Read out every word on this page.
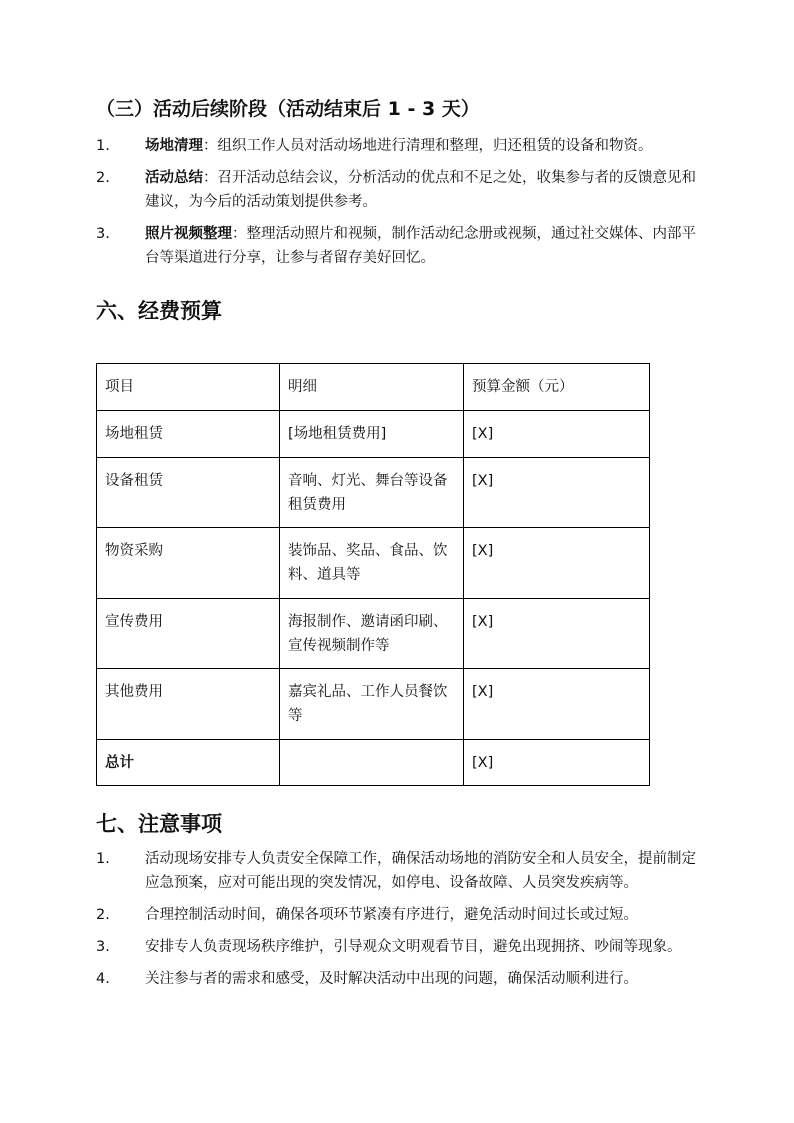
（三）活动后续阶段（活动结束后 1 - 3 天）
1.	场地清理：组织工作人员对活动场地进行清理和整理，归还租赁的设备和物资。
2.	活动总结：召开活动总结会议，分析活动的优点和不足之处，收集参与者的反馈意见和建议，为今后的活动策划提供参考。
3.	照片视频整理：整理活动照片和视频，制作活动纪念册或视频，通过社交媒体、内部平台等渠道进行分享，让参与者留存美好回忆。
六、经费预算
项目	明细	预算金额（元）
场地租赁	[场地租赁费用]	[X]
设备租赁	音响、灯光、舞台等设备租赁费用	[X]
物资采购	装饰品、奖品、食品、饮料、道具等	[X]
宣传费用	海报制作、邀请函印刷、宣传视频制作等	[X]
其他费用	嘉宾礼品、工作人员餐饮等	[X]
总计		[X]
七、注意事项
1.	活动现场安排专人负责安全保障工作，确保活动场地的消防安全和人员安全，提前制定应急预案，应对可能出现的突发情况，如停电、设备故障、人员突发疾病等。
2.	合理控制活动时间，确保各项环节紧凑有序进行，避免活动时间过长或过短。
3.	安排专人负责现场秩序维护，引导观众文明观看节目，避免出现拥挤、吵闹等现象。
4.	关注参与者的需求和感受，及时解决活动中出现的问题，确保活动顺利进行。
